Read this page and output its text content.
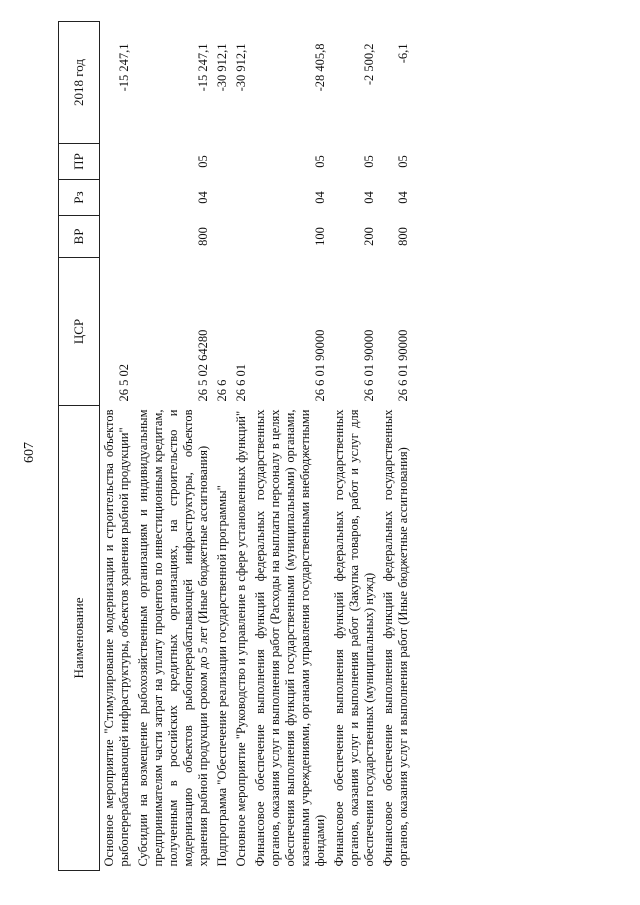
607
Наименование	ЦСР	ВР	Рз	ПР	2018 год
Основное мероприятие "Стимулирование модернизации и строительства объектов рыбоперерабатывающей инфраструктуры, объектов хранения рыбной продукции"	26 5 02				-15 247,1
Субсидии на возмещение рыбохозяйственным организациям и индивидуальным предпринимателям части затрат на уплату процентов по инвестиционным кредитам, полученным в российских кредитных организациях, на строительство и модернизацию объектов рыбоперерабатывающей инфраструктуры, объектов хранения рыбной продукции сроком до 5 лет (Иные бюджетные ассигнования)	26 5 02 64280	800	04	05	-15 247,1
Подпрограмма "Обеспечение реализации государственной программы"	26 6				-30 912,1
Основное мероприятие "Руководство и управление в сфере установленных функций"	26 6 01				-30 912,1
Финансовое обеспечение выполнения функций федеральных государственных органов, оказания услуг и выполнения работ (Расходы на выплаты персоналу в целях обеспечения выполнения функций государственными (муниципальными) органами, казенными учреждениями, органами управления государственными внебюджетными фондами)	26 6 01 90000	100	04	05	-28 405,8
Финансовое обеспечение выполнения функций федеральных государственных органов, оказания услуг и выполнения работ (Закупка товаров, работ и услуг для обеспечения государственных (муниципальных) нужд)	26 6 01 90000	200	04	05	-2 500,2
Финансовое обеспечение выполнения функций федеральных государственных органов, оказания услуг и выполнения работ (Иные бюджетные ассигнования)	26 6 01 90000	800	04	05	-6,1
